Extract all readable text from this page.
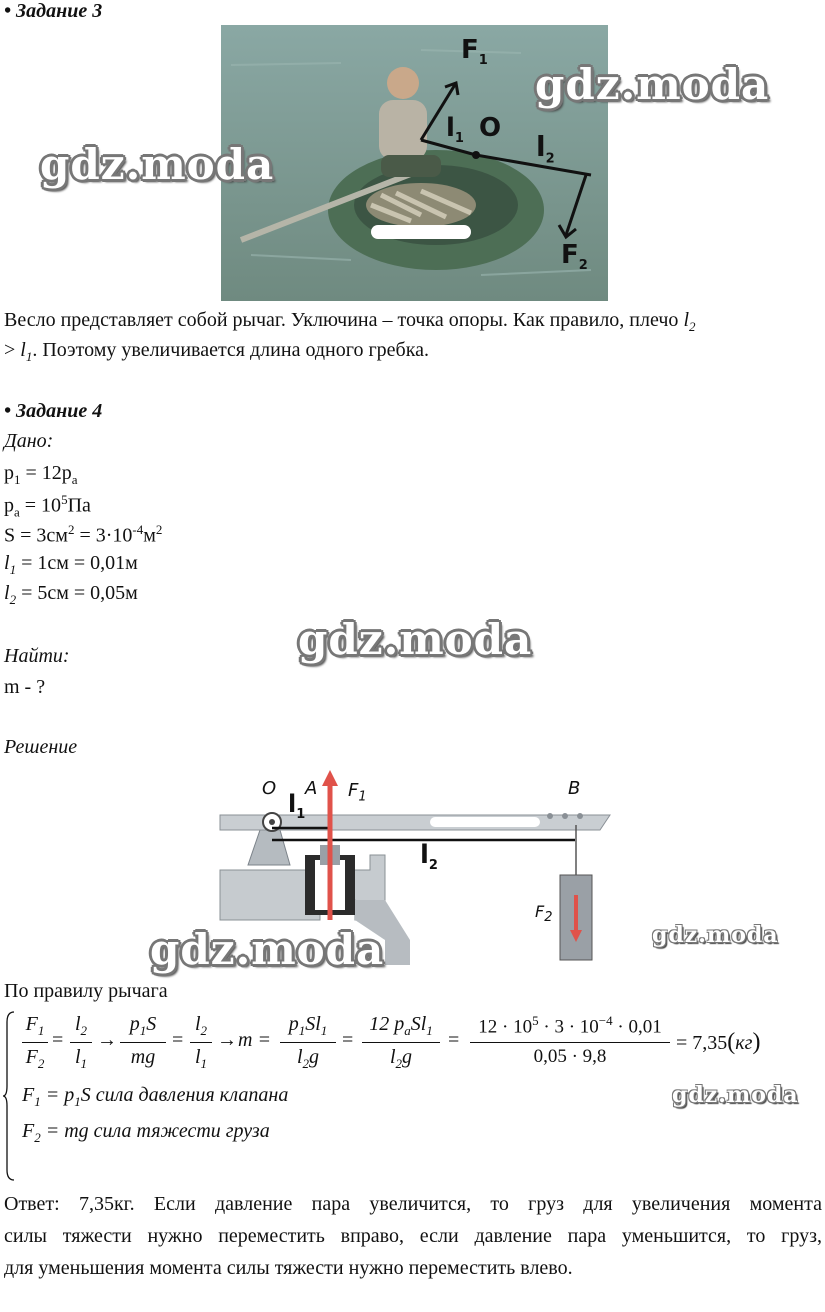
• Задание 3
$F_1$
$l_1$ O
$l_2$
$F_2$
gdz.moda
gdz.moda
Весло представляет собой рычаг. Уключина – точка опоры. Как правило, плечо $l_2$
> $l_1$. Поэтому увеличивается длина одного гребка.
• Задание 4
Дано:
$p_1 = 12p_a$
$p_a = 10^5Па$
$S = 3см^2 = 3\cdot 10^{-4}м^2$
$l_1 = 1см = 0,01м$
$l_2 = 5см = 0,05м$
gdz.moda
Найти:
m - ?
Решение
O A $F_1$	B
$l_1$
$l_2$
$F_2$
gdz.moda	gdz.moda
По правилу рычага
$F_1$
$F_2$
=
$l_2$
$l_1$
→
$p_1S$
mg
=
$l_2$
$l_1$
→ m =
$p_1Sl_1$
$l_2g$
=
12 $p_aSl_1$
$l_2g$
=
$12 \cdot 10^5 \cdot 3 \cdot 10^{-4} \cdot 0,01$
0,05 · 9,8
= 7,35(кг)
$F_1 = p_1S$ сила давления клапана	gdz.moda
$F_2$ = mg сила тяжести груза
Ответ: 7,35кг. Если давление пара увеличится, то груз для увеличения момента
силы тяжести нужно переместить вправо, если давление пара уменьшится, то груз,
для уменьшения момента силы тяжести нужно переместить влево.
